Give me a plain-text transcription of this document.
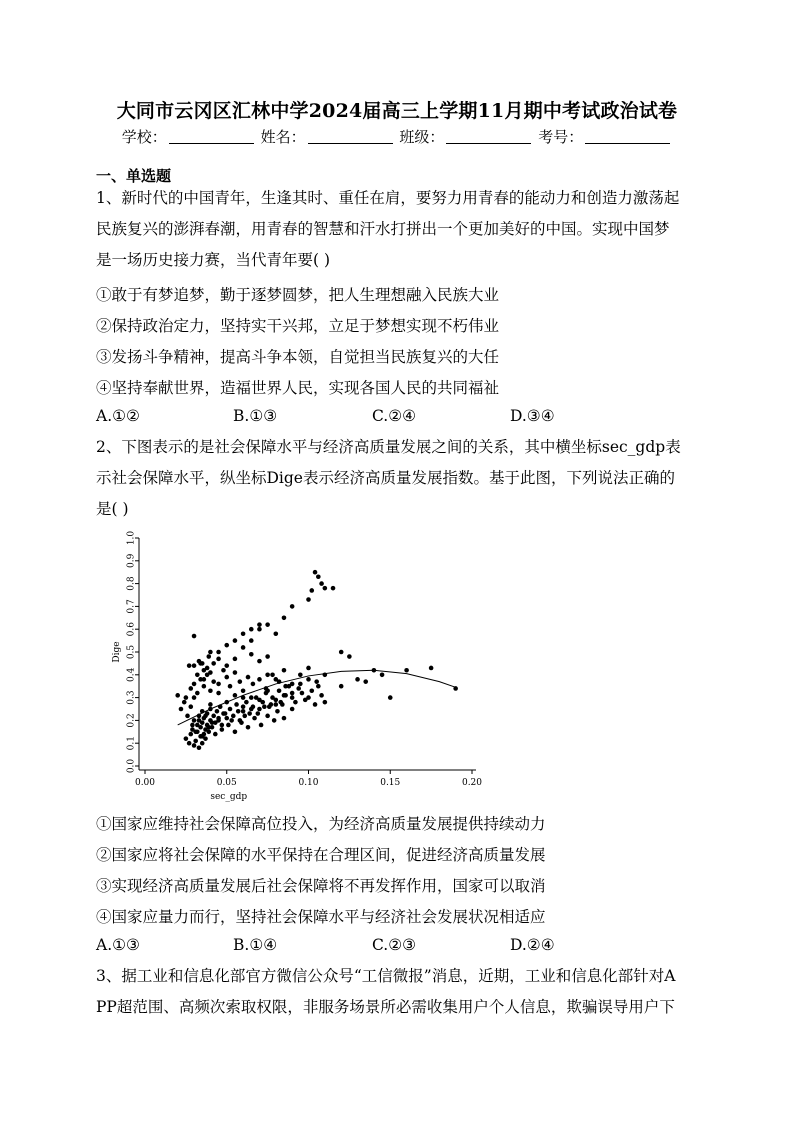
大同市云冈区汇林中学2024届高三上学期11月期中考试政治试卷
学校：	姓名：	班级：	考号：
一、单选题
1、新时代的中国青年，生逢其时、重任在肩，要努力用青春的能动力和创造力激荡起
民族复兴的澎湃春潮，用青春的智慧和汗水打拼出一个更加美好的中国。实现中国梦
是一场历史接力赛，当代青年要( )
①敢于有梦追梦，勤于逐梦圆梦，把人生理想融入民族大业
②保持政治定力，坚持实干兴邦，立足于梦想实现不朽伟业
③发扬斗争精神，提高斗争本领，自觉担当民族复兴的大任
④坚持奉献世界，造福世界人民，实现各国人民的共同福祉
A.①②	B.①③	C.②④	D.③④
2、下图表示的是社会保障水平与经济高质量发展之间的关系，其中横坐标sec_gdp表
示社会保障水平，纵坐标Dige表示经济高质量发展指数。基于此图，下列说法正确的
是( )
0.0
0.1
0.2
0.3
0.4
0.5
0.6
0.7
0.8
0.9
1.0
0.00	0.05	0.10	0.15	0.20
sec_gdp
Dige
①国家应维持社会保障高位投入，为经济高质量发展提供持续动力
②国家应将社会保障的水平保持在合理区间，促进经济高质量发展
③实现经济高质量发展后社会保障将不再发挥作用，国家可以取消
④国家应量力而行，坚持社会保障水平与经济社会发展状况相适应
A.①③	B.①④	C.②③	D.②④
3、据工业和信息化部官方微信公众号“工信微报”消息，近期，工业和信息化部针对A
PP超范围、高频次索取权限，非服务场景所必需收集用户个人信息，欺骗误导用户下
